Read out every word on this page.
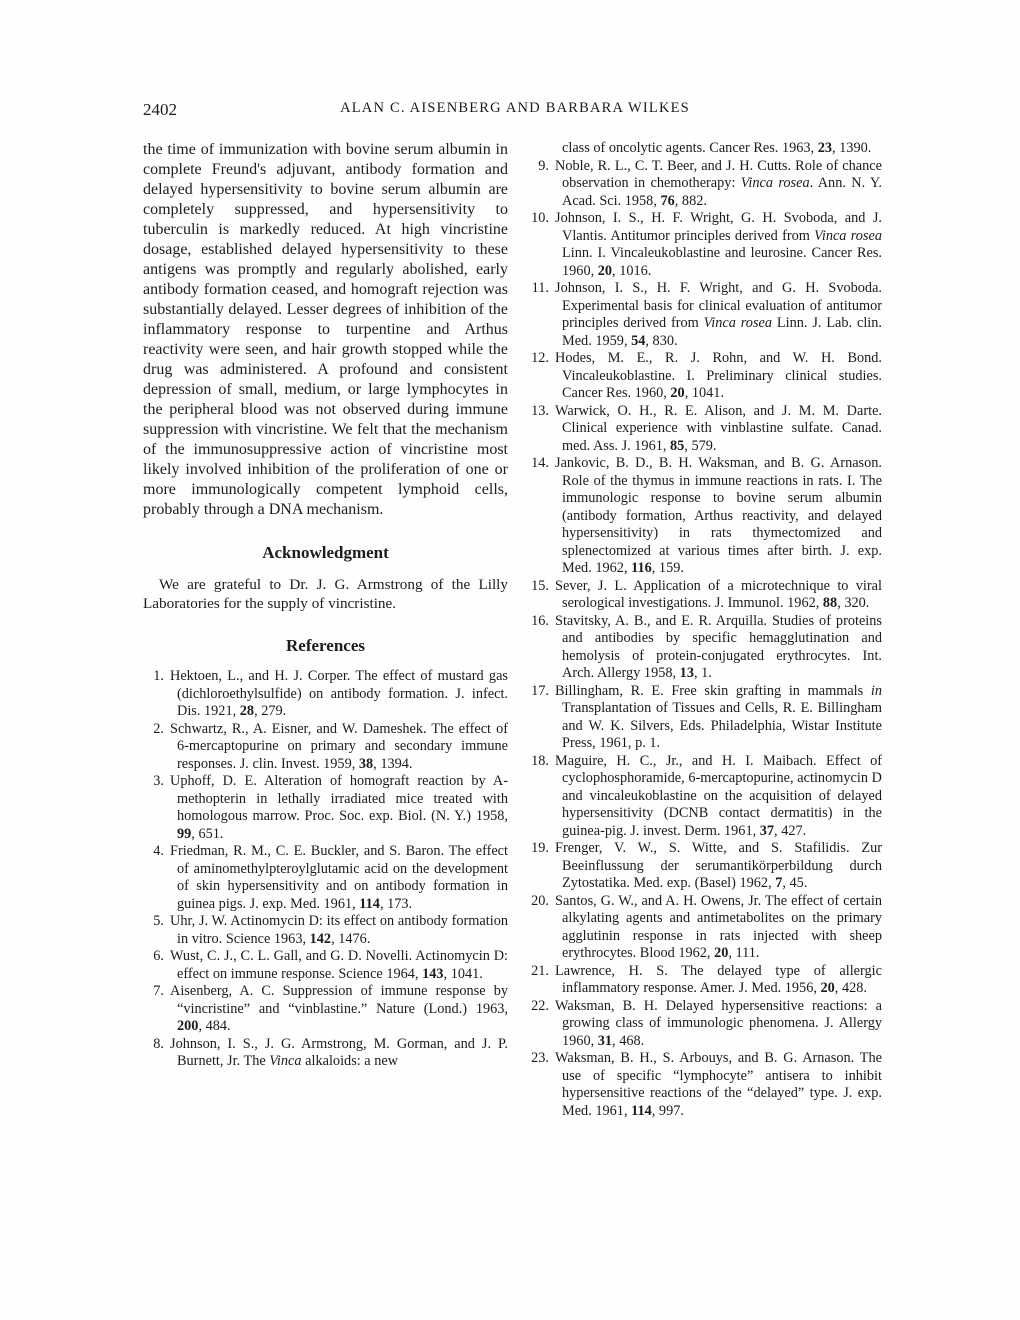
2402	ALAN C. AISENBERG AND BARBARA WILKES

the time of immunization with bovine serum albumin in complete Freund's adjuvant, antibody formation and delayed hypersensitivity to bovine serum albumin are completely suppressed, and hypersensitivity to tuberculin is markedly reduced. At high vincristine dosage, established delayed hypersensitivity to these antigens was promptly and regularly abolished, early antibody formation ceased, and homograft rejection was substantially delayed. Lesser degrees of inhibition of the inflammatory response to turpentine and Arthus reactivity were seen, and hair growth stopped while the drug was administered. A profound and consistent depression of small, medium, or large lymphocytes in the peripheral blood was not observed during immune suppression with vincristine. We felt that the mechanism of the immunosuppressive action of vincristine most likely involved inhibition of the proliferation of one or more immunologically competent lymphoid cells, probably through a DNA mechanism.

Acknowledgment

We are grateful to Dr. J. G. Armstrong of the Lilly Laboratories for the supply of vincristine.

References
1. Hektoen, L., and H. J. Corper. The effect of mustard gas (dichloroethylsulfide) on antibody formation. J. infect. Dis. 1921, 28, 279.
2. Schwartz, R., A. Eisner, and W. Dameshek. The effect of 6-mercaptopurine on primary and secondary immune responses. J. clin. Invest. 1959, 38, 1394.
3. Uphoff, D. E. Alteration of homograft reaction by A-methopterin in lethally irradiated mice treated with homologous marrow. Proc. Soc. exp. Biol. (N. Y.) 1958, 99, 651.
4. Friedman, R. M., C. E. Buckler, and S. Baron. The effect of aminomethylpteroylglutamic acid on the development of skin hypersensitivity and on antibody formation in guinea pigs. J. exp. Med. 1961, 114, 173.
5. Uhr, J. W. Actinomycin D: its effect on antibody formation in vitro. Science 1963, 142, 1476.
6. Wust, C. J., C. L. Gall, and G. D. Novelli. Actinomycin D: effect on immune response. Science 1964, 143, 1041.
7. Aisenberg, A. C. Suppression of immune response by “vincristine” and “vinblastine.” Nature (Lond.) 1963, 200, 484.
8. Johnson, I. S., J. G. Armstrong, M. Gorman, and J. P. Burnett, Jr. The Vinca alkaloids: a new
class of oncolytic agents. Cancer Res. 1963, 23, 1390.
9. Noble, R. L., C. T. Beer, and J. H. Cutts. Role of chance observation in chemotherapy: Vinca rosea. Ann. N. Y. Acad. Sci. 1958, 76, 882.
10. Johnson, I. S., H. F. Wright, G. H. Svoboda, and J. Vlantis. Antitumor principles derived from Vinca rosea Linn. I. Vincaleukoblastine and leurosine. Cancer Res. 1960, 20, 1016.
11. Johnson, I. S., H. F. Wright, and G. H. Svoboda. Experimental basis for clinical evaluation of antitumor principles derived from Vinca rosea Linn. J. Lab. clin. Med. 1959, 54, 830.
12. Hodes, M. E., R. J. Rohn, and W. H. Bond. Vincaleukoblastine. I. Preliminary clinical studies. Cancer Res. 1960, 20, 1041.
13. Warwick, O. H., R. E. Alison, and J. M. M. Darte. Clinical experience with vinblastine sulfate. Canad. med. Ass. J. 1961, 85, 579.
14. Jankovic, B. D., B. H. Waksman, and B. G. Arnason. Role of the thymus in immune reactions in rats. I. The immunologic response to bovine serum albumin (antibody formation, Arthus reactivity, and delayed hypersensitivity) in rats thymectomized and splenectomized at various times after birth. J. exp. Med. 1962, 116, 159.
15. Sever, J. L. Application of a microtechnique to viral serological investigations. J. Immunol. 1962, 88, 320.
16. Stavitsky, A. B., and E. R. Arquilla. Studies of proteins and antibodies by specific hemagglutination and hemolysis of protein-conjugated erythrocytes. Int. Arch. Allergy 1958, 13, 1.
17. Billingham, R. E. Free skin grafting in mammals in Transplantation of Tissues and Cells, R. E. Billingham and W. K. Silvers, Eds. Philadelphia, Wistar Institute Press, 1961, p. 1.
18. Maguire, H. C., Jr., and H. I. Maibach. Effect of cyclophosphoramide, 6-mercaptopurine, actinomycin D and vincaleukoblastine on the acquisition of delayed hypersensitivity (DCNB contact dermatitis) in the guinea-pig. J. invest. Derm. 1961, 37, 427.
19. Frenger, V. W., S. Witte, and S. Stafilidis. Zur Beeinflussung der serumantikörperbildung durch Zytostatika. Med. exp. (Basel) 1962, 7, 45.
20. Santos, G. W., and A. H. Owens, Jr. The effect of certain alkylating agents and antimetabolites on the primary agglutinin response in rats injected with sheep erythrocytes. Blood 1962, 20, 111.
21. Lawrence, H. S. The delayed type of allergic inflammatory response. Amer. J. Med. 1956, 20, 428.
22. Waksman, B. H. Delayed hypersensitive reactions: a growing class of immunologic phenomena. J. Allergy 1960, 31, 468.
23. Waksman, B. H., S. Arbouys, and B. G. Arnason. The use of specific “lymphocyte” antisera to inhibit hypersensitive reactions of the “delayed” type. J. exp. Med. 1961, 114, 997.
